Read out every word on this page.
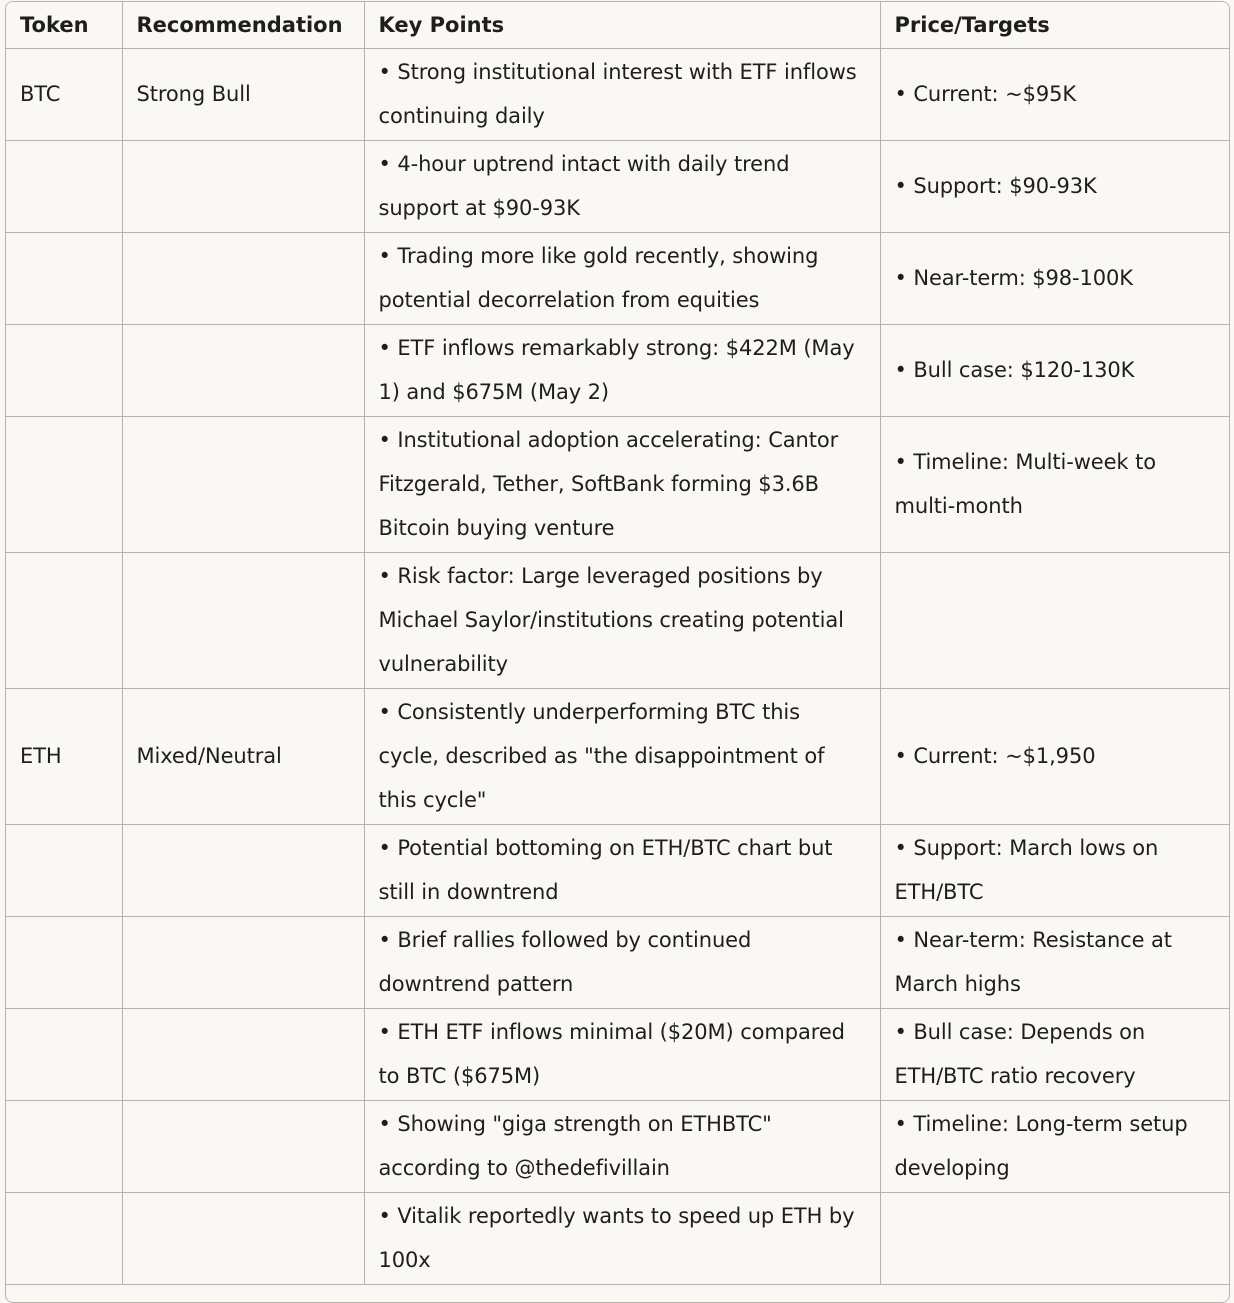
Token	Recommendation	Key Points	Price/Targets
BTC	Strong Bull	• Strong institutional interest with ETF inflows continuing daily	• Current: ~$95K
		• 4-hour uptrend intact with daily trend support at $90-93K	• Support: $90-93K
		• Trading more like gold recently, showing potential decorrelation from equities	• Near-term: $98-100K
		• ETF inflows remarkably strong: $422M (May 1) and $675M (May 2)	• Bull case: $120-130K
		• Institutional adoption accelerating: Cantor Fitzgerald, Tether, SoftBank forming $3.6B Bitcoin buying venture	• Timeline: Multi-week to multi-month
		• Risk factor: Large leveraged positions by Michael Saylor/institutions creating potential vulnerability	
ETH	Mixed/Neutral	• Consistently underperforming BTC this cycle, described as "the disappointment of this cycle"	• Current: ~$1,950
		• Potential bottoming on ETH/BTC chart but still in downtrend	• Support: March lows on ETH/BTC
		• Brief rallies followed by continued downtrend pattern	• Near-term: Resistance at March highs
		• ETH ETF inflows minimal ($20M) compared to BTC ($675M)	• Bull case: Depends on ETH/BTC ratio recovery
		• Showing "giga strength on ETHBTC" according to @thedefivillain	• Timeline: Long-term setup developing
		• Vitalik reportedly wants to speed up ETH by 100x	
